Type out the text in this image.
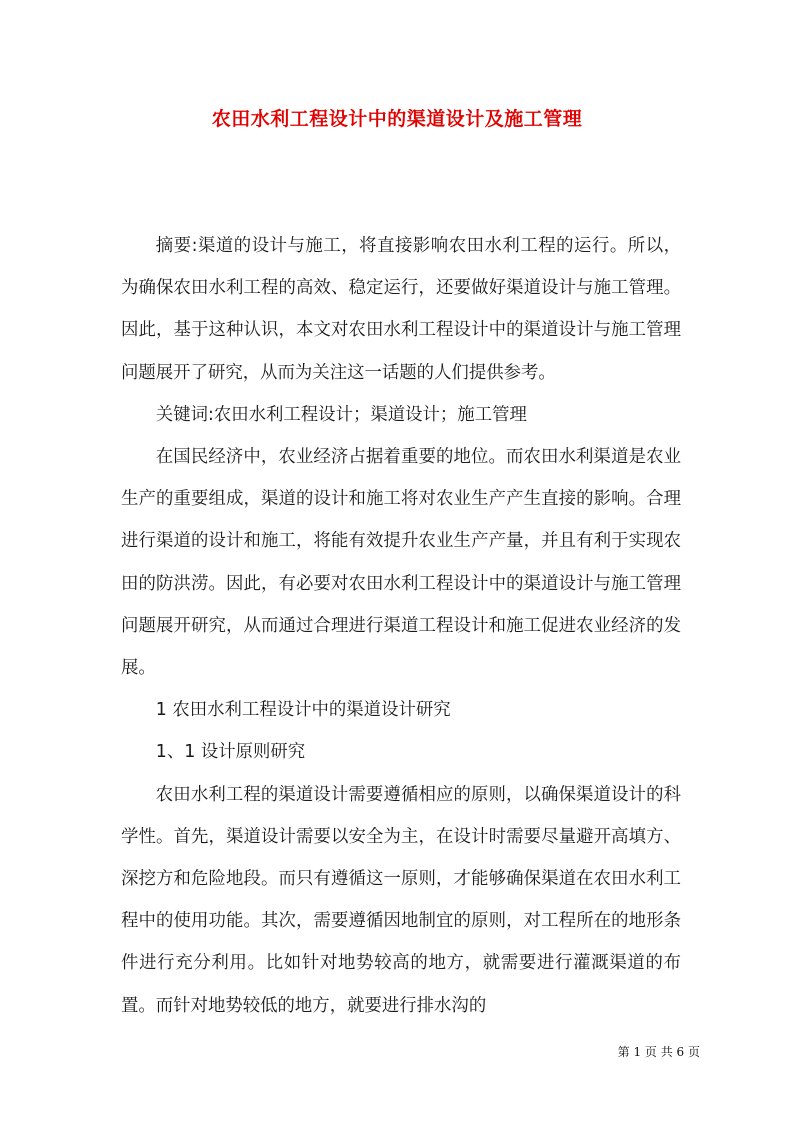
农田水利工程设计中的渠道设计及施工管理

摘要:渠道的设计与施工，将直接影响农田水利工程的运行。所以，为确保农田水利工程的高效、稳定运行，还要做好渠道设计与施工管理。因此，基于这种认识，本文对农田水利工程设计中的渠道设计与施工管理问题展开了研究，从而为关注这一话题的人们提供参考。

关键词:农田水利工程设计；渠道设计；施工管理

在国民经济中，农业经济占据着重要的地位。而农田水利渠道是农业生产的重要组成，渠道的设计和施工将对农业生产产生直接的影响。合理进行渠道的设计和施工，将能有效提升农业生产产量，并且有利于实现农田的防洪涝。因此，有必要对农田水利工程设计中的渠道设计与施工管理问题展开研究，从而通过合理进行渠道工程设计和施工促进农业经济的发展。

1 农田水利工程设计中的渠道设计研究

1、1 设计原则研究

农田水利工程的渠道设计需要遵循相应的原则，以确保渠道设计的科学性。首先，渠道设计需要以安全为主，在设计时需要尽量避开高填方、深挖方和危险地段。而只有遵循这一原则，才能够确保渠道在农田水利工程中的使用功能。其次，需要遵循因地制宜的原则，对工程所在的地形条件进行充分利用。比如针对地势较高的地方，就需要进行灌溉渠道的布置。而针对地势较低的地方，就要进行排水沟的

第 1 页 共 6 页
